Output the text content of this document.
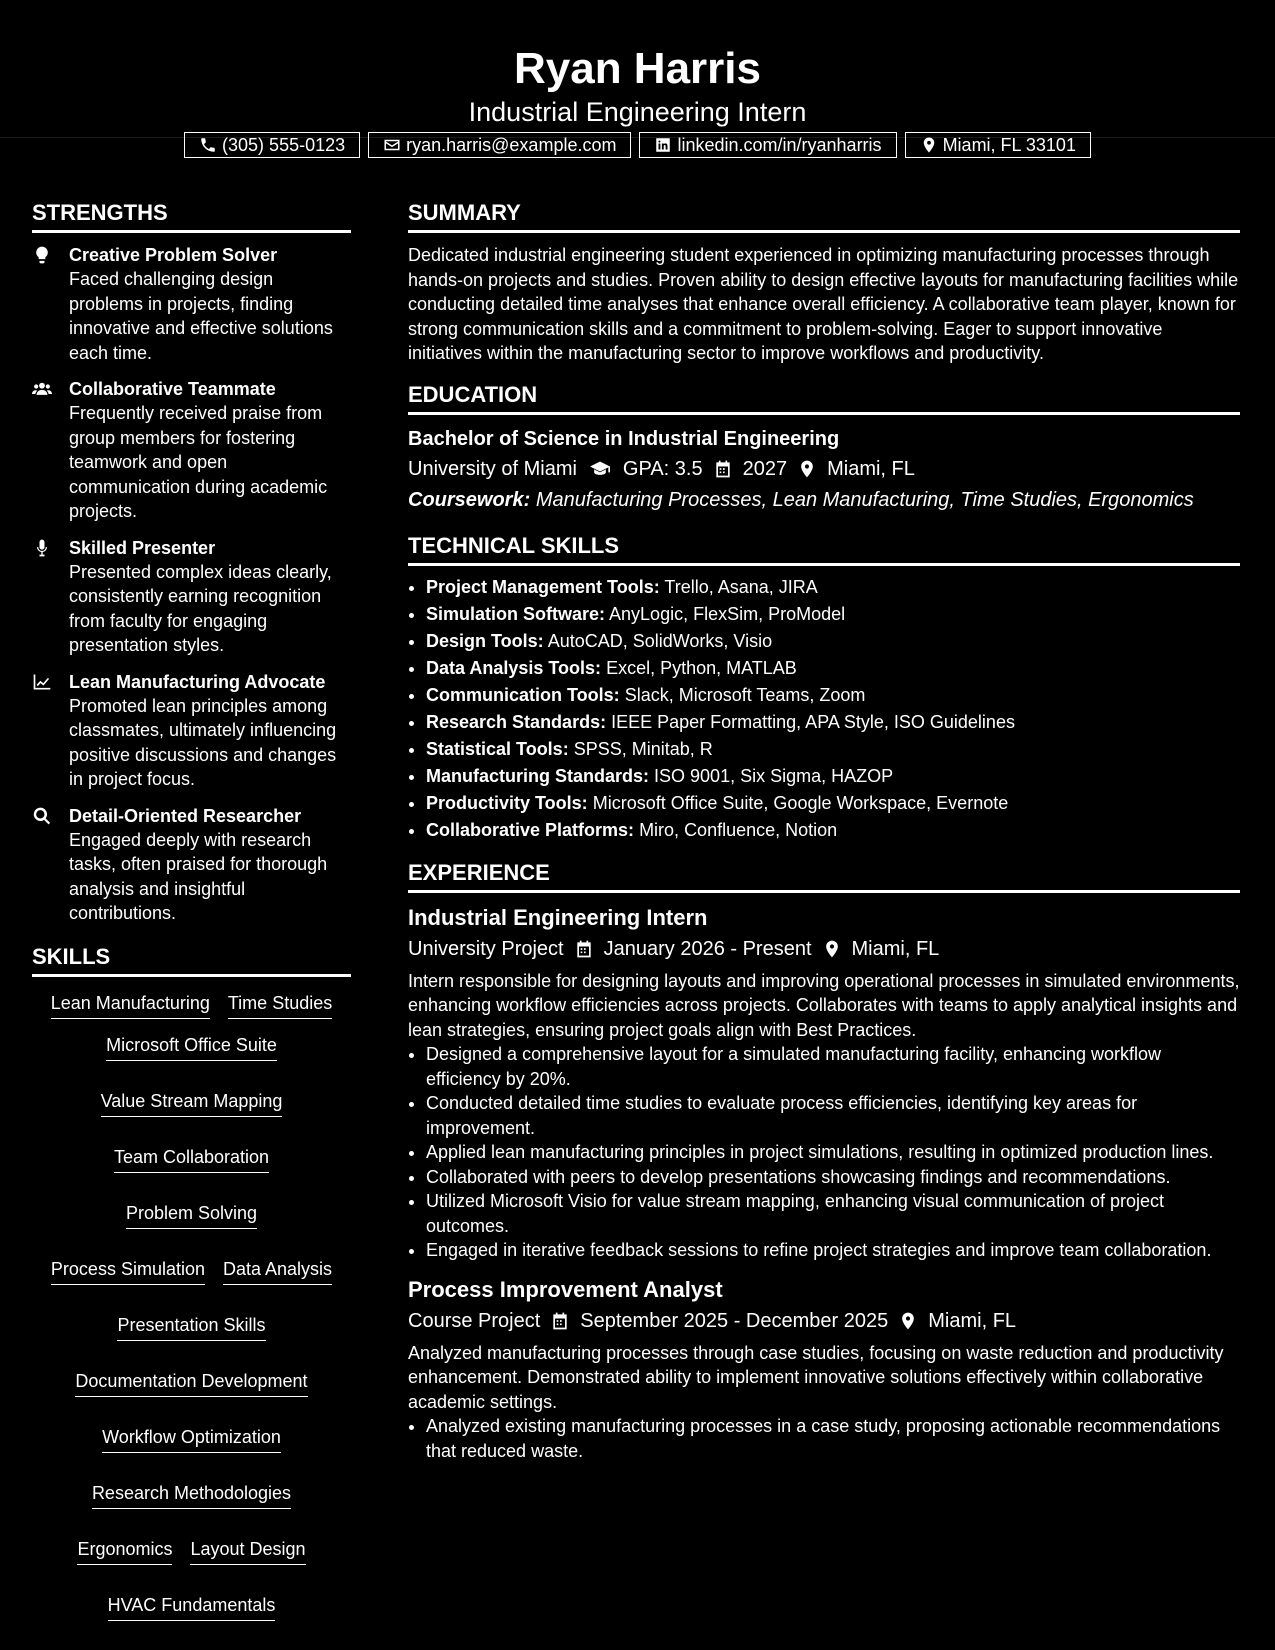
Ryan Harris
Industrial Engineering Intern
(305) 555-0123	ryan.harris@example.com	linkedin.com/in/ryanharris	Miami, FL 33101
STRENGTHS
Creative Problem Solver
Faced challenging design problems in projects, finding innovative and effective solutions each time.
Collaborative Teammate
Frequently received praise from group members for fostering teamwork and open communication during academic projects.
Skilled Presenter
Presented complex ideas clearly, consistently earning recognition from faculty for engaging presentation styles.
Lean Manufacturing Advocate
Promoted lean principles among classmates, ultimately influencing positive discussions and changes in project focus.
Detail-Oriented Researcher
Engaged deeply with research tasks, often praised for thorough analysis and insightful contributions.
SKILLS
Lean Manufacturing Time Studies
Microsoft Office Suite
Value Stream Mapping
Team Collaboration
Problem Solving
Process Simulation Data Analysis
Presentation Skills
Documentation Development
Workflow Optimization
Research Methodologies
Ergonomics Layout Design
HVAC Fundamentals
SUMMARY
Dedicated industrial engineering student experienced in optimizing manufacturing processes through hands-on projects and studies. Proven ability to design effective layouts for manufacturing facilities while conducting detailed time analyses that enhance overall efficiency. A collaborative team player, known for strong communication skills and a commitment to problem-solving. Eager to support innovative initiatives within the manufacturing sector to improve workflows and productivity.
EDUCATION
Bachelor of Science in Industrial Engineering
University of Miami GPA: 3.5 2027 Miami, FL
Coursework: Manufacturing Processes, Lean Manufacturing, Time Studies, Ergonomics
TECHNICAL SKILLS
• Project Management Tools: Trello, Asana, JIRA
• Simulation Software: AnyLogic, FlexSim, ProModel
• Design Tools: AutoCAD, SolidWorks, Visio
• Data Analysis Tools: Excel, Python, MATLAB
• Communication Tools: Slack, Microsoft Teams, Zoom
• Research Standards: IEEE Paper Formatting, APA Style, ISO Guidelines
• Statistical Tools: SPSS, Minitab, R
• Manufacturing Standards: ISO 9001, Six Sigma, HAZOP
• Productivity Tools: Microsoft Office Suite, Google Workspace, Evernote
• Collaborative Platforms: Miro, Confluence, Notion
EXPERIENCE
Industrial Engineering Intern
University Project January 2026 - Present Miami, FL
Intern responsible for designing layouts and improving operational processes in simulated environments, enhancing workflow efficiencies across projects. Collaborates with teams to apply analytical insights and lean strategies, ensuring project goals align with Best Practices.
• Designed a comprehensive layout for a simulated manufacturing facility, enhancing workflow efficiency by 20%.
• Conducted detailed time studies to evaluate process efficiencies, identifying key areas for improvement.
• Applied lean manufacturing principles in project simulations, resulting in optimized production lines.
• Collaborated with peers to develop presentations showcasing findings and recommendations.
• Utilized Microsoft Visio for value stream mapping, enhancing visual communication of project outcomes.
• Engaged in iterative feedback sessions to refine project strategies and improve team collaboration.
Process Improvement Analyst
Course Project September 2025 - December 2025 Miami, FL
Analyzed manufacturing processes through case studies, focusing on waste reduction and productivity enhancement. Demonstrated ability to implement innovative solutions effectively within collaborative academic settings.
• Analyzed existing manufacturing processes in a case study, proposing actionable recommendations that reduced waste.
